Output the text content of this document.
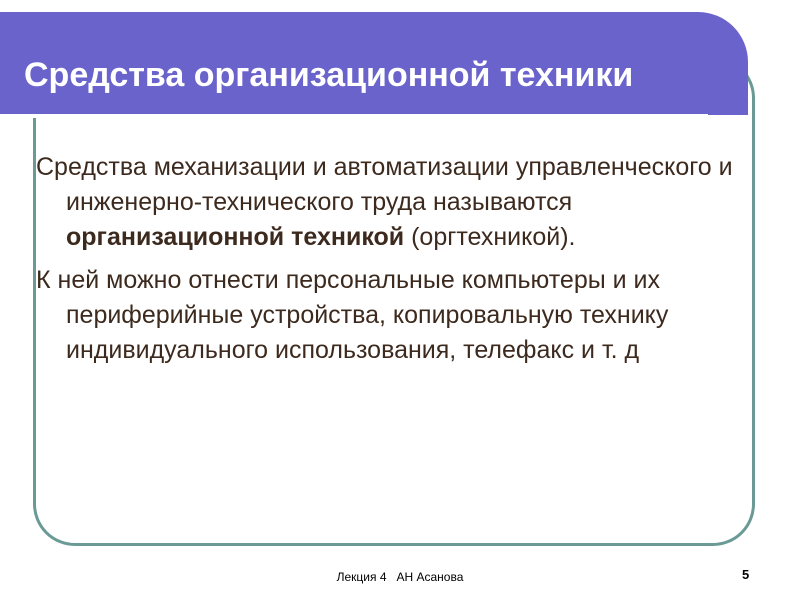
Средства организационной техники

Средства механизации и автоматизации управленческого и инженерно-технического труда называются организационной техникой (оргтехникой).

К ней можно отнести персональные компьютеры и их периферийные устройства, копировальную технику индивидуального использования, телефакс и т. д

Лекция 4   АН Асанова	5
